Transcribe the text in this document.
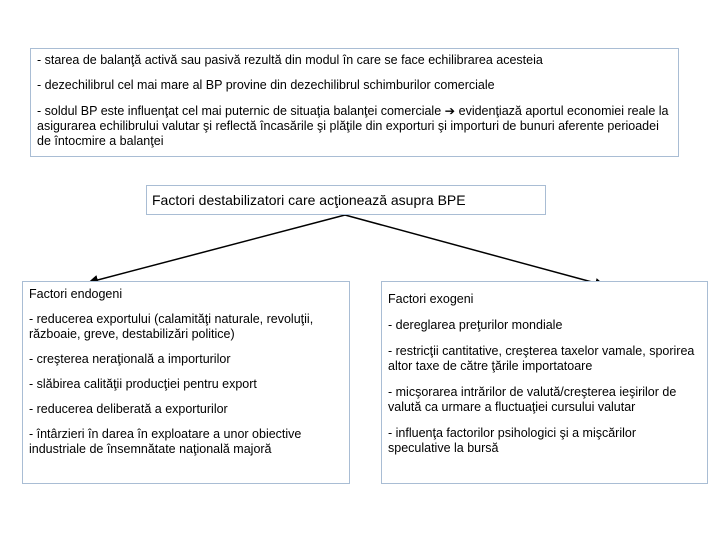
- starea de balanţă activă sau pasivă rezultă din modul în care se face echilibrarea acesteia

- dezechilibrul cel mai mare al BP provine din dezechilibrul schimburilor comerciale

- soldul BP este influenţat cel mai puternic de situaţia balanţei comerciale ➔ evidenţiază aportul economiei reale la asigurarea echilibrului valutar şi reflectă încasările şi plăţile din exporturi şi importuri de bunuri aferente perioadei de întocmire a balanţei

Factori destabilizatori care acţionează asupra BPE

Factori endogeni

- reducerea exportului (calamităţi naturale, revoluţii, războaie, greve, destabilizări politice)

- creşterea neraţională a importurilor

- slăbirea calităţii producţiei pentru export

- reducerea deliberată a exporturilor

- întârzieri în darea în exploatare a unor obiective industriale de însemnătate naţională majoră

Factori exogeni

- dereglarea preţurilor mondiale

- restricţii cantitative, creşterea taxelor vamale, sporirea altor taxe de către ţările importatoare

- micşorarea intrărilor de valută/creşterea ieşirilor de valută ca urmare a fluctuaţiei cursului valutar

- influenţa factorilor psihologici şi a mişcărilor speculative la bursă
